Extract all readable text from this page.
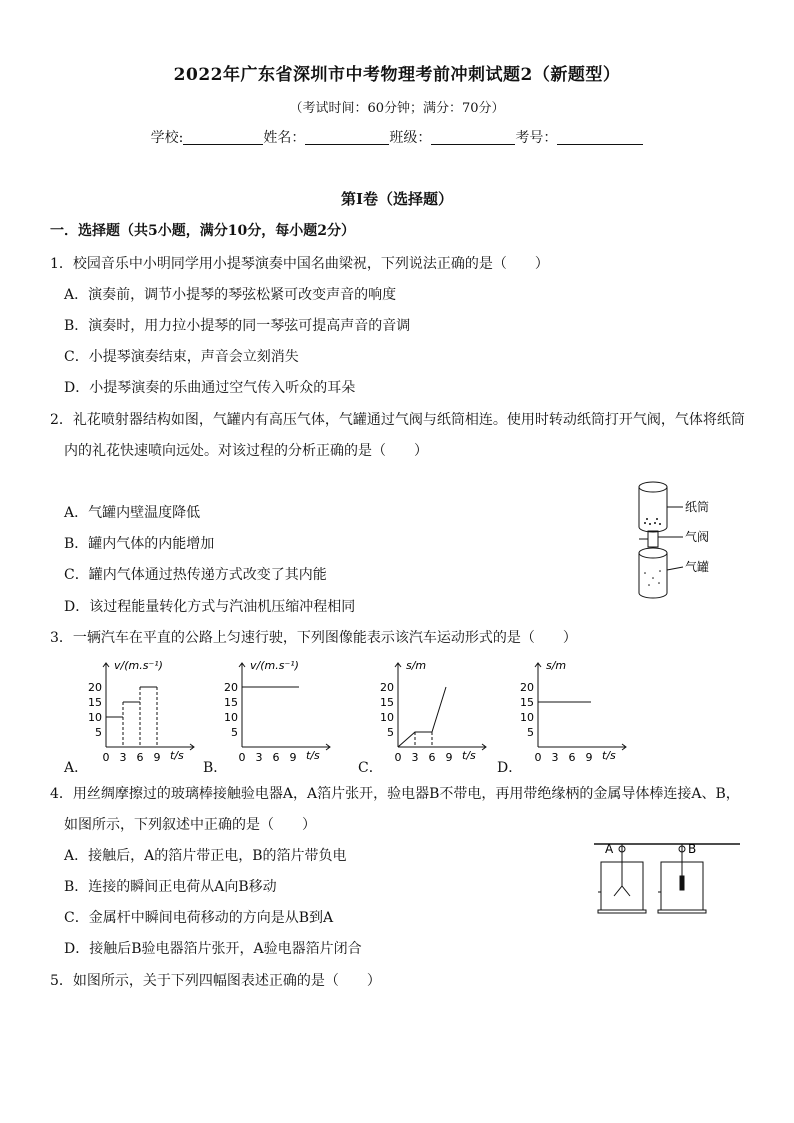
2022年广东省深圳市中考物理考前冲刺试题2（新题型）
（考试时间：60分钟；满分：70分）
学校:	姓名：	班级：	考号：
第Ⅰ卷（选择题）
一．选择题（共5小题，满分10分，每小题2分）
1．校园音乐中小明同学用小提琴演奏中国名曲梁祝，下列说法正确的是（　　）
A．演奏前，调节小提琴的琴弦松紧可改变声音的响度
B．演奏时，用力拉小提琴的同一琴弦可提高声音的音调
C．小提琴演奏结束，声音会立刻消失
D．小提琴演奏的乐曲通过空气传入听众的耳朵
2．礼花喷射器结构如图，气罐内有高压气体，气罐通过气阀与纸筒相连。使用时转动纸筒打开气阀，气体将纸筒
内的礼花快速喷向远处。对该过程的分析正确的是（　　）
A．气罐内壁温度降低
B．罐内气体的内能增加
C．罐内气体通过热传递方式改变了其内能
D．该过程能量转化方式与汽油机压缩冲程相同
纸筒
气阀
气罐
3．一辆汽车在平直的公路上匀速行驶，下列图像能表示该汽车运动形式的是（　　）
A．	B．	C．	D．
v/(m.s⁻¹)
5
10
15
20
0 3 6 9 t/s
v/(m.s⁻¹)
5
10
15
20
0 3 6 9 t/s
s/m
5
10
15
20
0 3 6 9 t/s
s/m
5
10
15
20
0 3 6 9 t/s
4．用丝绸摩擦过的玻璃棒接触验电器A，A箔片张开，验电器B不带电，再用带绝缘柄的金属导体棒连接A、B，
如图所示，下列叙述中正确的是（　　）
A．接触后，A的箔片带正电，B的箔片带负电
B．连接的瞬间正电荷从A向B移动
C．金属杆中瞬间电荷移动的方向是从B到A
D．接触后B验电器箔片张开，A验电器箔片闭合
A	B
5．如图所示，关于下列四幅图表述正确的是（　　）
